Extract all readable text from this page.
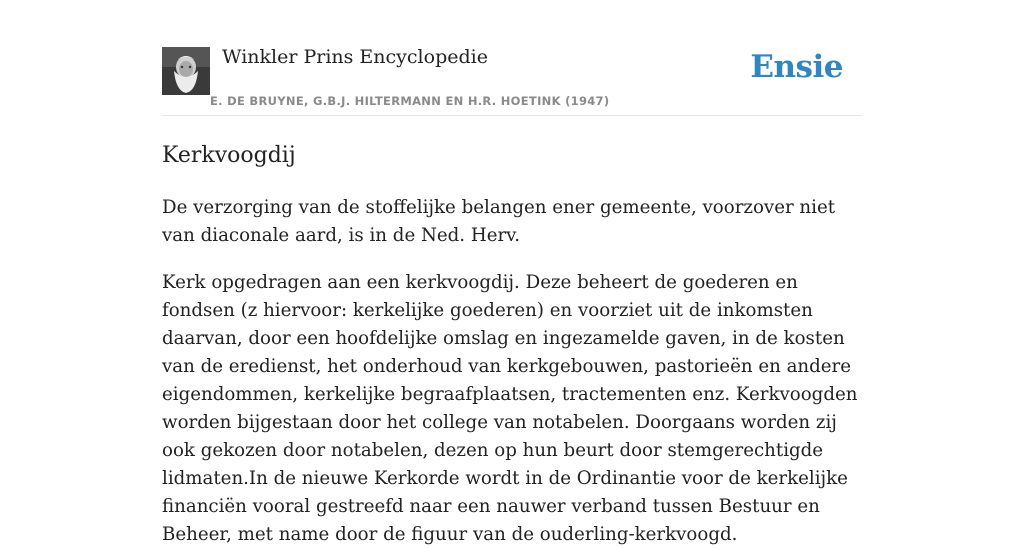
Winkler Prins Encyclopedie
E. DE BRUYNE, G.B.J. HILTERMANN EN H.R. HOETINK (1947)
Ensie
Kerkvoogdij

De verzorging van de stoffelijke belangen ener gemeente, voorzover niet van diaconale aard, is in de Ned. Herv.

Kerk opgedragen aan een kerkvoogdij. Deze beheert de goederen en fondsen (z hiervoor: kerkelijke goederen) en voorziet uit de inkomsten daarvan, door een hoofdelijke omslag en ingezamelde gaven, in de kosten van de eredienst, het onderhoud van kerkgebouwen, pastorieën en andere eigendommen, kerkelijke begraafplaatsen, tractementen enz. Kerkvoogden worden bijgestaan door het college van notabelen. Doorgaans worden zij ook gekozen door notabelen, dezen op hun beurt door stemgerechtigde lidmaten.In de nieuwe Kerkorde wordt in de Ordinantie voor de kerkelijke financiën vooral gestreefd naar een nauwer verband tussen Bestuur en Beheer, met name door de figuur van de ouderling-kerkvoogd.
